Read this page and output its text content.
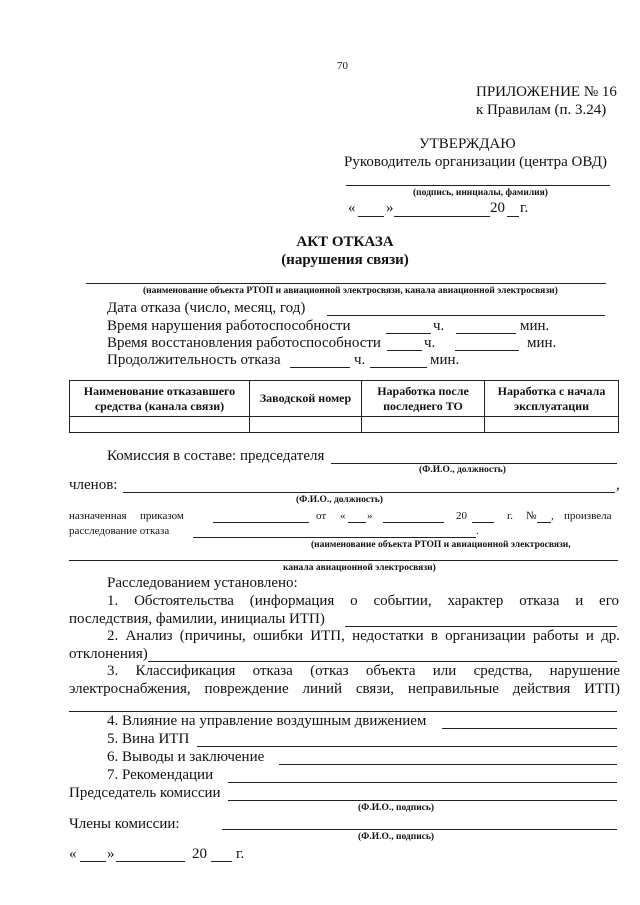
70
ПРИЛОЖЕНИЕ № 16
к Правилам (п. 3.24)
УТВЕРЖДАЮ
Руководитель организации (центра ОВД)
(подпись, инициалы, фамилия)
« »	20 г.
АКТ ОТКАЗА
(нарушения связи)
(наименование объекта РТОП и авиационной электросвязи, канала авиационной электросвязи)
Дата отказа (число, месяц, год)
Время нарушения работоспособности	ч.	мин.
Время восстановления работоспособности	ч.	мин.
Продолжительность отказа	ч.	мин.
Наименование отказавшего средства (канала связи)	Заводской номер	Наработка после последнего ТО	Наработка с начала эксплуатации

Комиссия в составе: председателя
(Ф.И.О., должность)
членов:	,
(Ф.И.О., должность)
назначенная приказом	от « »	20	г. № , произвела
расследование отказа	.
(наименование объекта РТОП и авиационной электросвязи,
канала авиационной электросвязи)
Расследованием установлено:
1. Обстоятельства (информация о событии, характер отказа и его
последствия, фамилии, инициалы ИТП)
2. Анализ (причины, ошибки ИТП, недостатки в организации работы и др.
отклонения)
3. Классификация отказа (отказ объекта или средства, нарушение
электроснабжения, повреждение линий связи, неправильные действия ИТП)
4. Влияние на управление воздушным движением
5. Вина ИТП
6. Выводы и заключение
7. Рекомендации
Председатель комиссии
(Ф.И.О., подпись)
Члены комиссии:
(Ф.И.О., подпись)
« »	20 г.
